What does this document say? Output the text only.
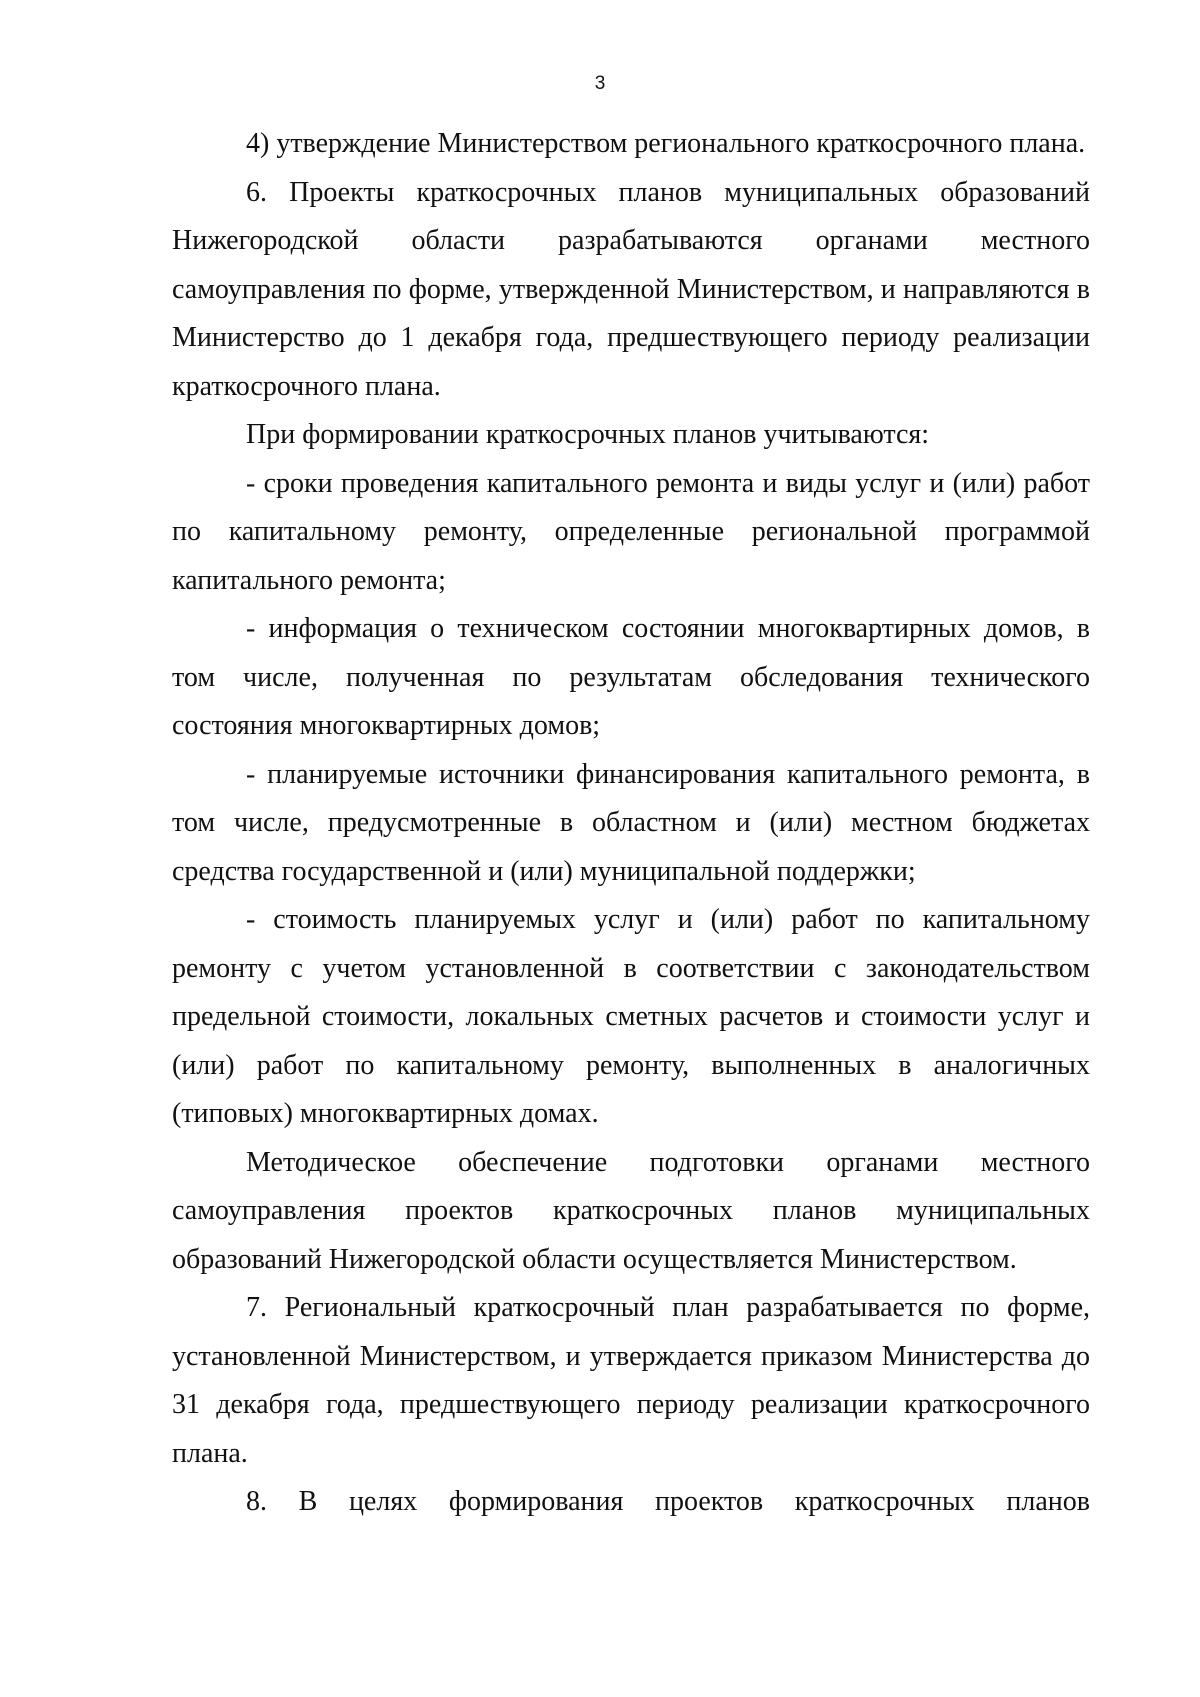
3

4) утверждение Министерством регионального краткосрочного плана.

6. Проекты краткосрочных планов муниципальных образований Нижегородской области разрабатываются органами местного самоуправления по форме, утвержденной Министерством, и направляются в Министерство до 1 декабря года, предшествующего периоду реализации краткосрочного плана.

При формировании краткосрочных планов учитываются:

- сроки проведения капитального ремонта и виды услуг и (или) работ по капитальному ремонту, определенные региональной программой капитального ремонта;

- информация о техническом состоянии многоквартирных домов, в том числе, полученная по результатам обследования технического состояния многоквартирных домов;

- планируемые источники финансирования капитального ремонта, в том числе, предусмотренные в областном и (или) местном бюджетах средства государственной и (или) муниципальной поддержки;

- стоимость планируемых услуг и (или) работ по капитальному ремонту с учетом установленной в соответствии с законодательством предельной стоимости, локальных сметных расчетов и стоимости услуг и (или) работ по капитальному ремонту, выполненных в аналогичных (типовых) многоквартирных домах.

Методическое обеспечение подготовки органами местного самоуправления проектов краткосрочных планов муниципальных образований Нижегородской области осуществляется Министерством.

7. Региональный краткосрочный план разрабатывается по форме, установленной Министерством, и утверждается приказом Министерства до 31 декабря года, предшествующего периоду реализации краткосрочного плана.

8. В целях формирования проектов краткосрочных планов
